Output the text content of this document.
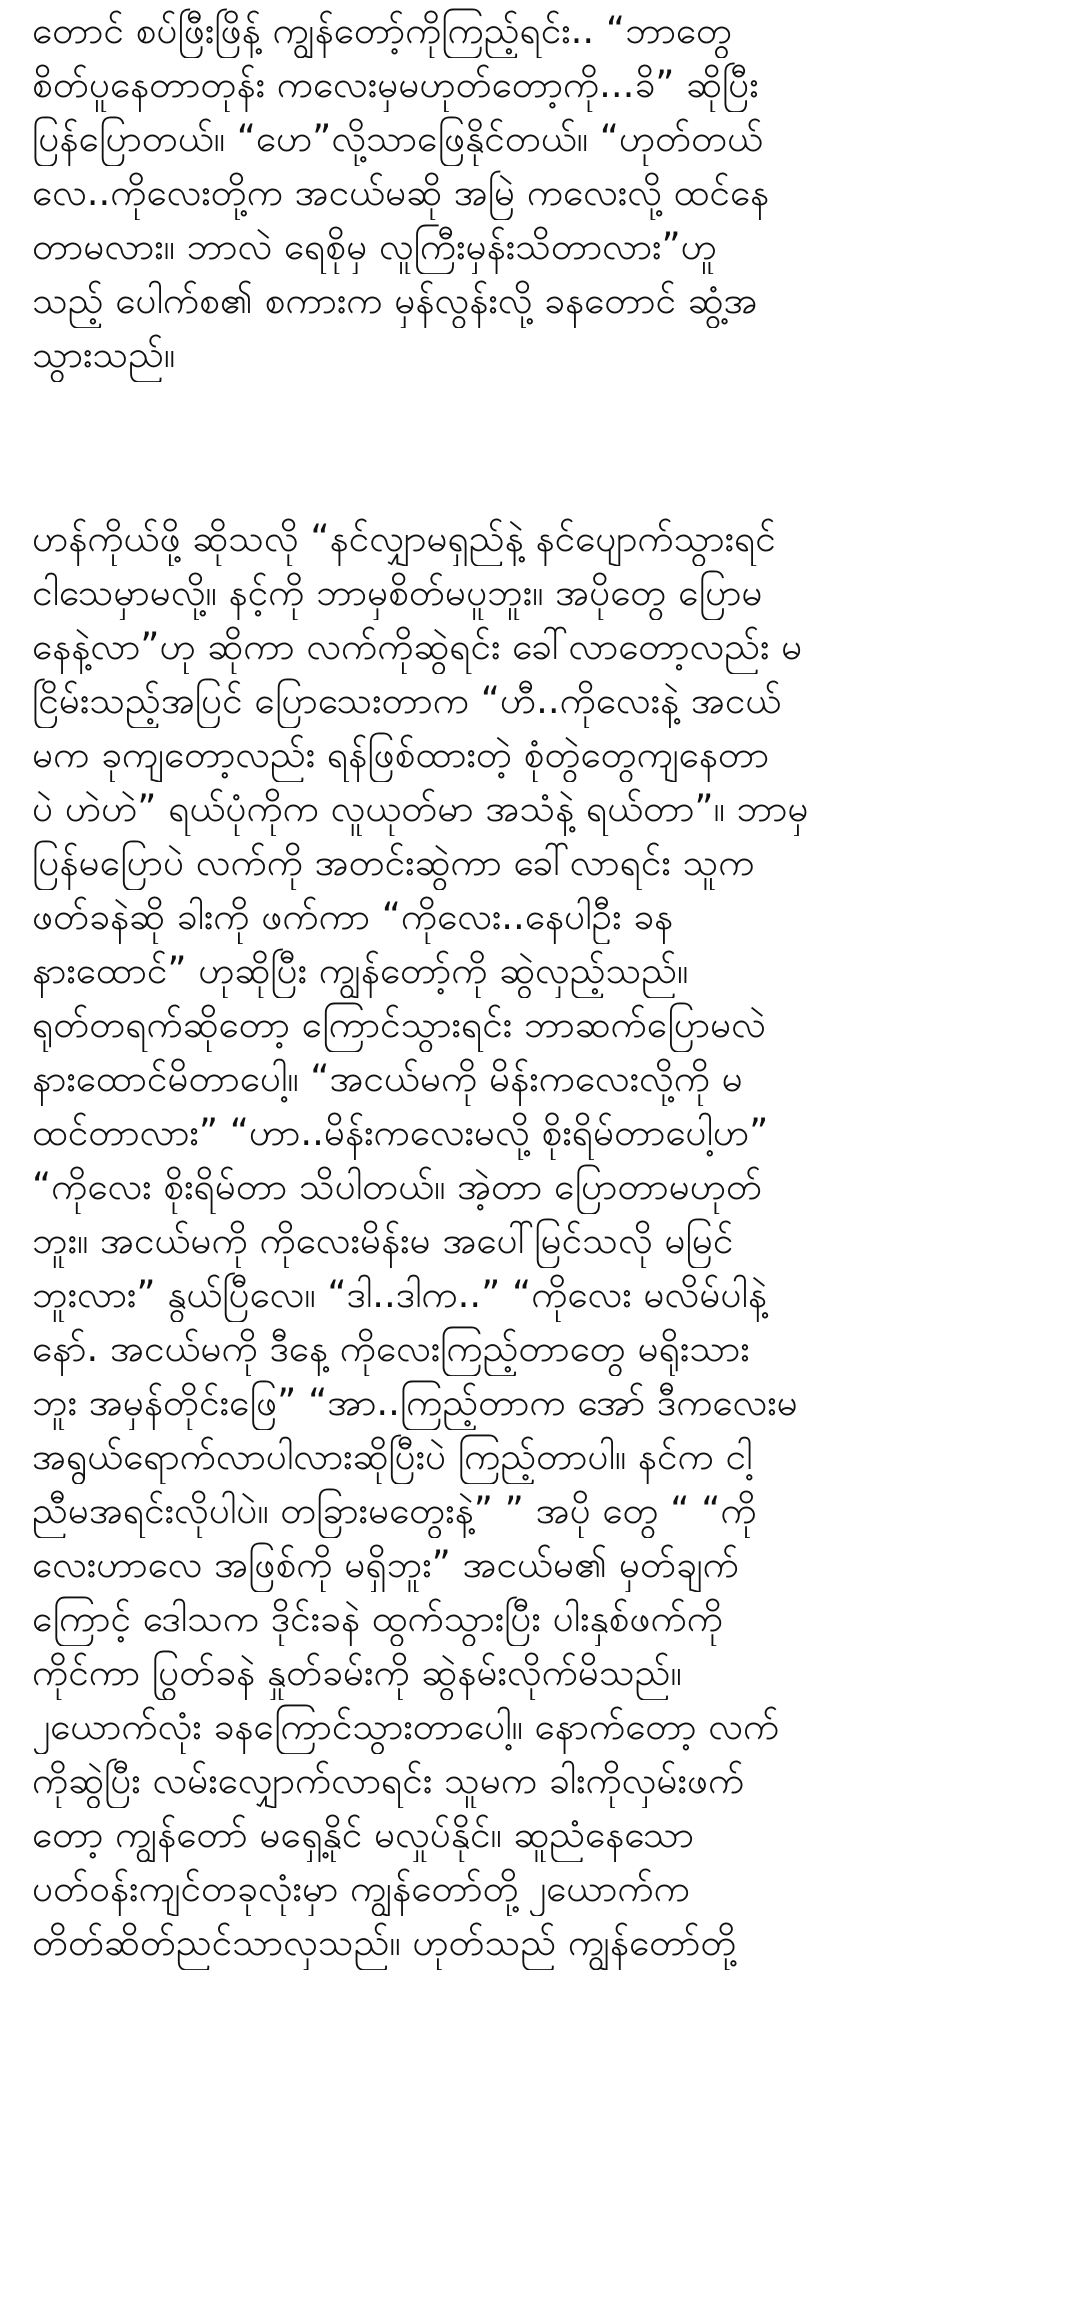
တောင် စပ်ဖြီးဖြိန့် ကျွန်တော့်ကိုကြည့်ရင်း.. “ဘာတွေ
စိတ်ပူနေတာတုန်း ကလေးမှမဟုတ်တော့ကို...ခိ” ဆိုပြီး
ပြန်ပြောတယ်။ “ဟေ”လို့သာဖြေနိုင်တယ်။ “ဟုတ်တယ်
လေ..ကိုလေးတို့က အငယ်မဆို အမြဲ ကလေးလို့ ထင်နေ
တာမလား။ ဘာလဲ ရေစိုမှ လူကြီးမှန်းသိတာလား”ဟူ
သည့် ပေါက်စ၏ စကားက မှန်လွန်းလို့ ခနတောင် ဆွံ့အ
သွားသည်။
ဟန်ကိုယ်ဖို့ ဆိုသလို “နင်လျှာမရှည်နဲ့ နင်ပျောက်သွားရင်
ငါသေမှာမလို့။ နင့်ကို ဘာမှစိတ်မပူဘူး။ အပိုတွေ ပြောမ
နေနဲ့လာ”ဟု ဆိုကာ လက်ကိုဆွဲရင်း ခေါ်လာတော့လည်း မ
ငြိမ်းသည့်အပြင် ပြောသေးတာက “ဟီ..ကိုလေးနဲ့ အငယ်
မက ခုကျတော့လည်း ရန်ဖြစ်ထားတဲ့ စုံတွဲတွေကျနေတာ
ပဲ ဟဲဟဲ” ရယ်ပုံကိုက လူယုတ်မာ အသံနဲ့ ရယ်တာ”။ ဘာမှ
ပြန်မပြောပဲ လက်ကို အတင်းဆွဲကာ ခေါ်လာရင်း သူက
ဖတ်ခနဲဆို ခါးကို ဖက်ကာ “ကိုလေး..နေပါဦး ခန
နားထောင်” ဟုဆိုပြီး ကျွန်တော့်ကို ဆွဲလှည့်သည်။
ရုတ်တရက်ဆိုတော့ ကြောင်သွားရင်း ဘာဆက်ပြောမလဲ
နားထောင်မိတာပေါ့။ “အငယ်မကို မိန်းကလေးလို့ကို မ
ထင်တာလား” “ဟာ..မိန်းကလေးမလို့ စိုးရိမ်တာပေါ့ဟ”
“ကိုလေး စိုးရိမ်တာ သိပါတယ်။ အဲ့တာ ပြောတာမဟုတ်
ဘူး။ အငယ်မကို ကိုလေးမိန်းမ အပေါ်မြင်သလို မမြင်
ဘူးလား” နွယ်ပြီလေ။ “ဒါ..ဒါက..” “ကိုလေး မလိမ်ပါနဲ့
နော်. အငယ်မကို ဒီနေ့ ကိုလေးကြည့်တာတွေ မရိုးသား
ဘူး အမှန်တိုင်းဖြေ” “အာ..ကြည့်တာက အော် ဒီကလေးမ
အရွယ်ရောက်လာပါလားဆိုပြီးပဲ ကြည့်တာပါ။ နင်က ငါ့
ညီမအရင်းလိုပါပဲ။ တခြားမတွေးနဲ့” ” အပို တွေ “ “ကို
လေးဟာလေ အဖြစ်ကို မရှိဘူး” အငယ်မ၏ မှတ်ချက်
ကြောင့် ဒေါသက ဒိုင်းခနဲ ထွက်သွားပြီး ပါးနှစ်ဖက်ကို
ကိုင်ကာ ပြွတ်ခနဲ နှုတ်ခမ်းကို ဆွဲနမ်းလိုက်မိသည်။
၂ယောက်လုံး ခနကြောင်သွားတာပေါ့။ နောက်တော့ လက်
ကိုဆွဲပြီး လမ်းလျှောက်လာရင်း သူမက ခါးကိုလှမ်းဖက်
တော့ ကျွန်တော် မရှေ့နိုင် မလှုပ်နိုင်။ ဆူညံနေသော
ပတ်ဝန်းကျင်တခုလုံးမှာ ကျွန်တော်တို့၂ယောက်က
တိတ်ဆိတ်ညင်သာလှသည်။ ဟုတ်သည် ကျွန်တော်တို့
